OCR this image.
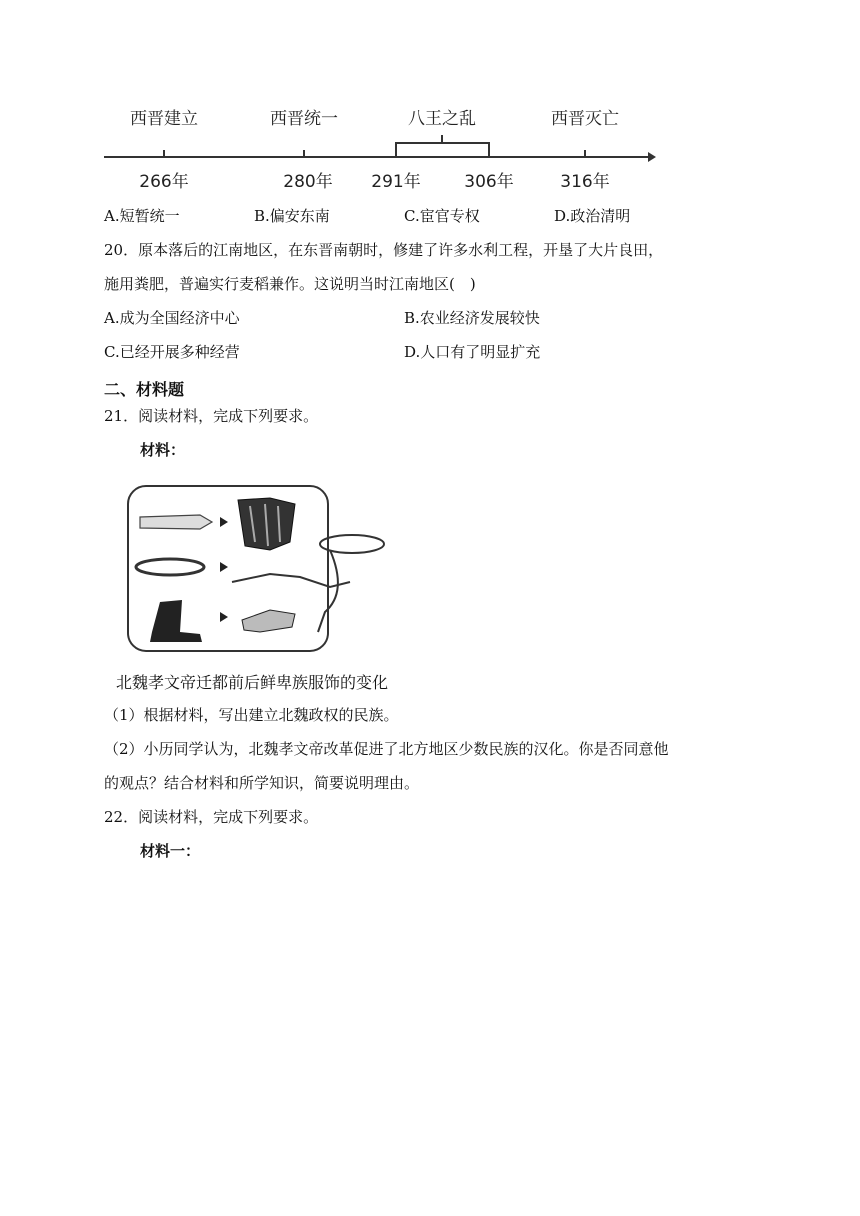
西晋建立	西晋统一	八王之乱	西晋灭亡
266年	280年 291年	306年	316年
A.短暂统一	B.偏安东南	C.宦官专权	D.政治清明
20．原本落后的江南地区，在东晋南朝时，修建了许多水利工程，开垦了大片良田，
施用粪肥，普遍实行麦稻兼作。这说明当时江南地区(　)
A.成为全国经济中心	B.农业经济发展较快
C.已经开展多种经营	D.人口有了明显扩充
二、材料题
21．阅读材料，完成下列要求。
材料：
北魏孝文帝迁都前后鲜卑族服饰的变化
（1）根据材料，写出建立北魏政权的民族。
（2）小历同学认为，北魏孝文帝改革促进了北方地区少数民族的汉化。你是否同意他
的观点？结合材料和所学知识，简要说明理由。
22．阅读材料，完成下列要求。
材料一：
